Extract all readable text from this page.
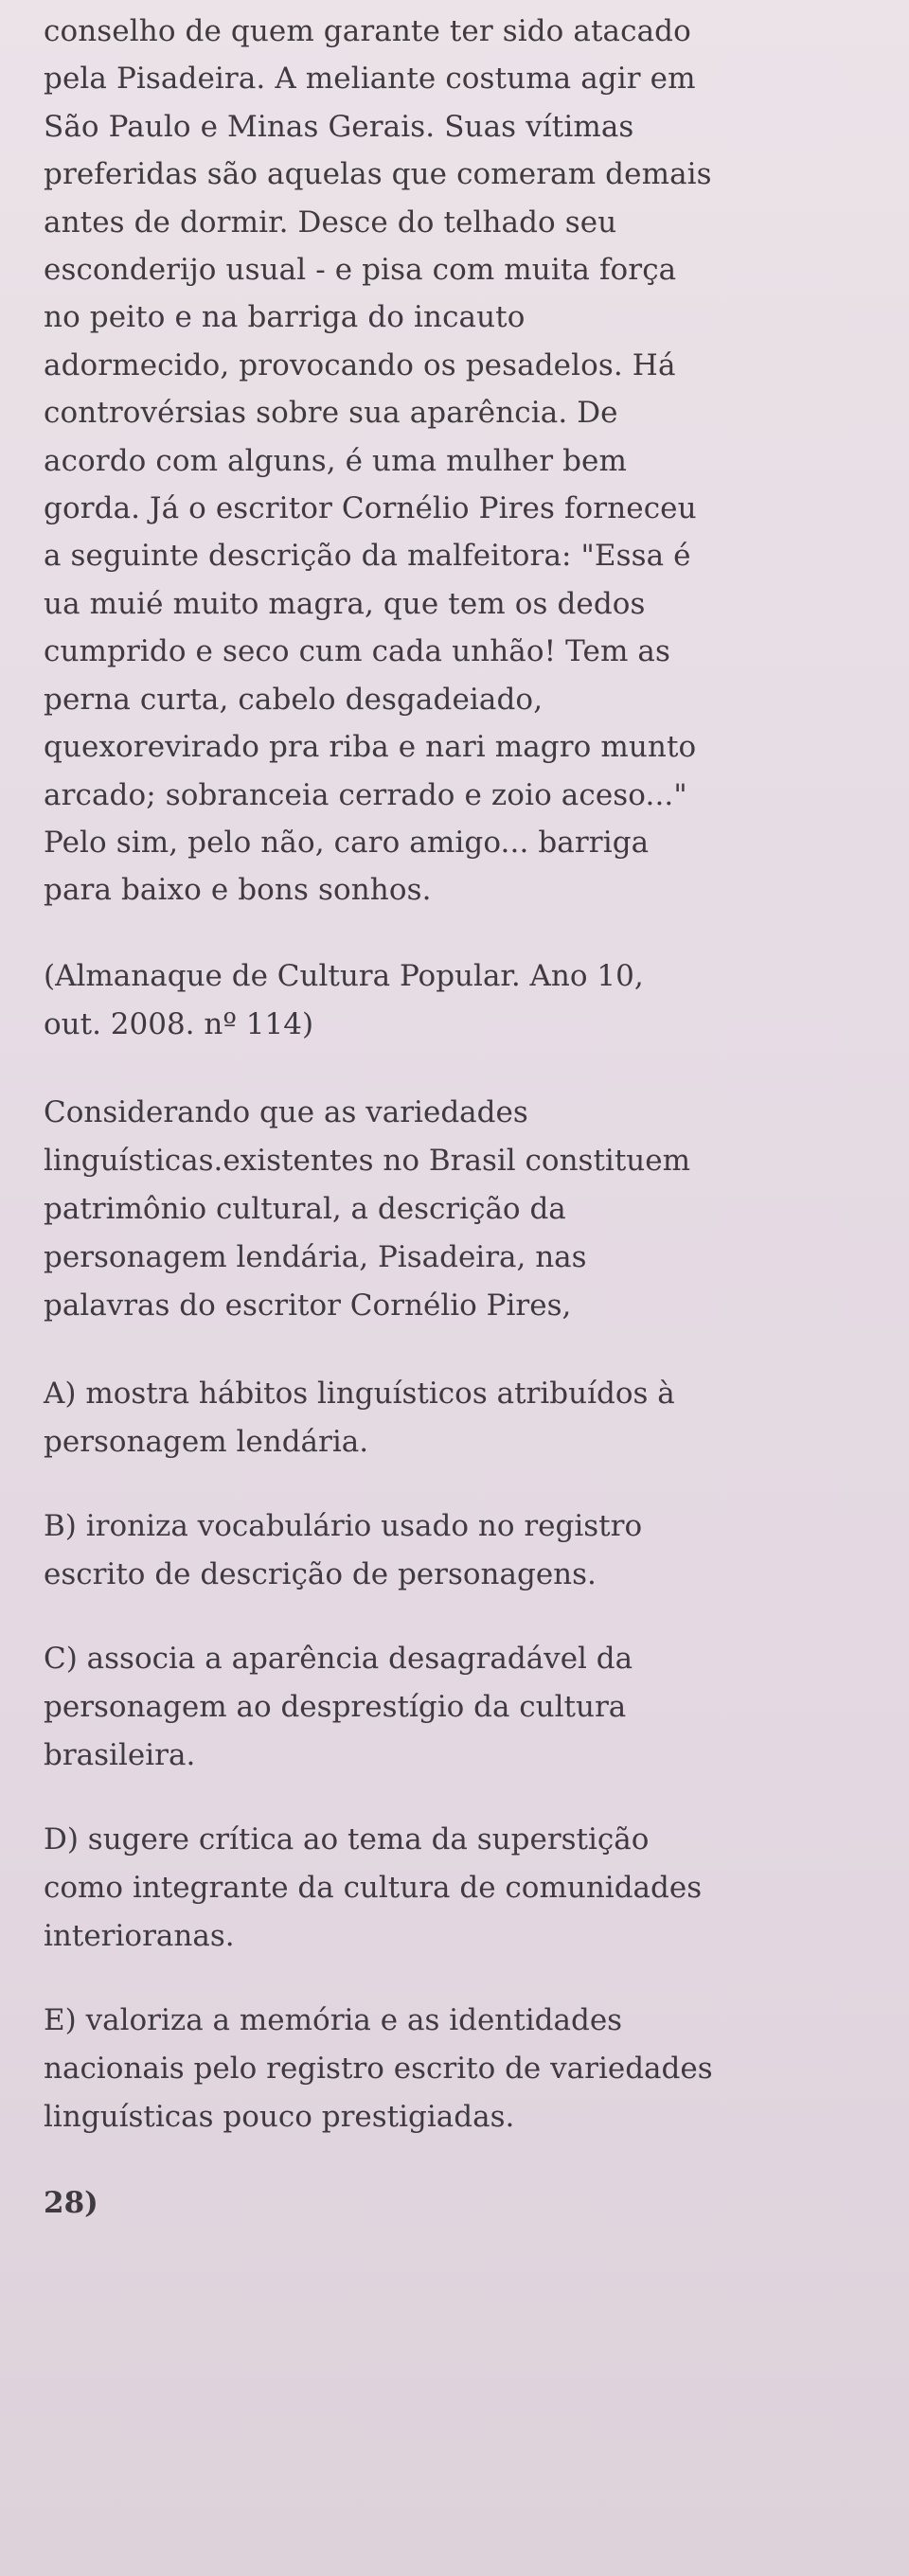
conselho de quem garante ter sido atacado
pela Pisadeira. A meliante costuma agir em
São Paulo e Minas Gerais. Suas vítimas
preferidas são aquelas que comeram demais
antes de dormir. Desce do telhado seu
esconderijo usual - e pisa com muita força
no peito e na barriga do incauto
adormecido, provocando os pesadelos. Há
controvérsias sobre sua aparência. De
acordo com alguns, é uma mulher bem
gorda. Já o escritor Cornélio Pires forneceu
a seguinte descrição da malfeitora: "Essa é
ua muié muito magra, que tem os dedos
cumprido e seco cum cada unhão! Tem as
perna curta, cabelo desgadeiado,
quexorevirado pra riba e nari magro munto
arcado; sobranceia cerrado e zoio aceso..."
Pelo sim, pelo não, caro amigo... barriga
para baixo e bons sonhos.
(Almanaque de Cultura Popular. Ano 10,
out. 2008. nº 114)
Considerando que as variedades
linguísticas.existentes no Brasil constituem
patrimônio cultural, a descrição da
personagem lendária, Pisadeira, nas
palavras do escritor Cornélio Pires,
A) mostra hábitos linguísticos atribuídos à
personagem lendária.
B) ironiza vocabulário usado no registro
escrito de descrição de personagens.
C) associa a aparência desagradável da
personagem ao desprestígio da cultura
brasileira.
D) sugere crítica ao tema da superstição
como integrante da cultura de comunidades
interioranas.
E) valoriza a memória e as identidades
nacionais pelo registro escrito de variedades
linguísticas pouco prestigiadas.
28)
